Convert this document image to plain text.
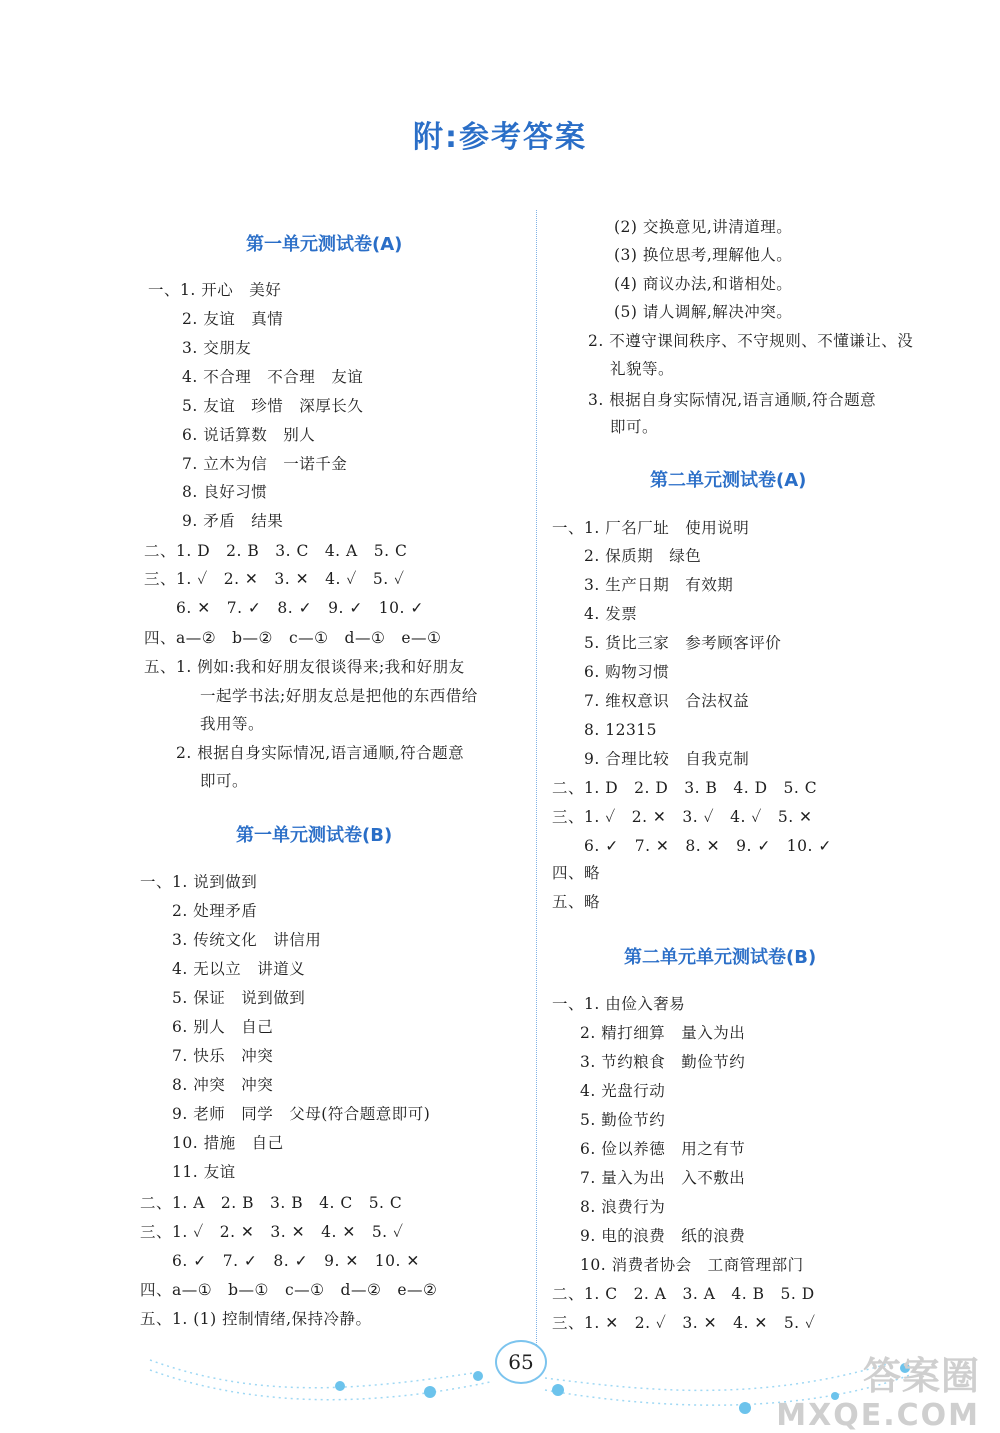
附:参考答案
第一单元测试卷(A)
一、1. 开心　美好
2. 友谊　真情
3. 交朋友
4. 不合理　不合理　友谊
5. 友谊　珍惜　深厚长久
6. 说话算数　别人
7. 立木为信　一诺千金
8. 良好习惯
9. 矛盾　结果
二、1. D　2. B　3. C　4. A　5. C
三、1. ✓　2. ✕　3. ✕　4. ✓　5. ✓
6. ✕　7. ✓　8. ✓　9. ✓　10. ✓
四、a—②　b—②　c—①　d—①　e—①
五、1. 例如:我和好朋友很谈得来;我和好朋友
一起学书法;好朋友总是把他的东西借给
我用等。
2. 根据自身实际情况,语言通顺,符合题意
即可。
第一单元测试卷(B)
一、1. 说到做到
2. 处理矛盾
3. 传统文化　讲信用
4. 无以立　讲道义
5. 保证　说到做到
6. 别人　自己
7. 快乐　冲突
8. 冲突　冲突
9. 老师　同学　父母(符合题意即可)
10. 措施　自己
11. 友谊
二、1. A　2. B　3. B　4. C　5. C
三、1. ✓　2. ✕　3. ✕　4. ✕　5. ✓
6. ✓　7. ✓　8. ✓　9. ✕　10. ✕
四、a—①　b—①　c—①　d—②　e—②
五、1. (1) 控制情绪,保持冷静。
(2) 交换意见,讲清道理。
(3) 换位思考,理解他人。
(4) 商议办法,和谐相处。
(5) 请人调解,解决冲突。
2. 不遵守课间秩序、不守规则、不懂谦让、没
礼貌等。
3. 根据自身实际情况,语言通顺,符合题意
即可。
第二单元测试卷(A)
一、1. 厂名厂址　使用说明
2. 保质期　绿色
3. 生产日期　有效期
4. 发票
5. 货比三家　参考顾客评价
6. 购物习惯
7. 维权意识　合法权益
8. 12315
9. 合理比较　自我克制
二、1. D　2. D　3. B　4. D　5. C
三、1. ✓　2. ✕　3. ✓　4. ✓　5. ✕
6. ✓　7. ✕　8. ✕　9. ✓　10. ✓
四、略
五、略
第二单元单元测试卷(B)
一、1. 由俭入奢易
2. 精打细算　量入为出
3. 节约粮食　勤俭节约
4. 光盘行动
5. 勤俭节约
6. 俭以养德　用之有节
7. 量入为出　入不敷出
8. 浪费行为
9. 电的浪费　纸的浪费
10. 消费者协会　工商管理部门
二、1. C　2. A　3. A　4. B　5. D
三、1. ✕　2. ✓　3. ✕　4. ✕　5. ✓
65	答案圈
MXQE.COM
